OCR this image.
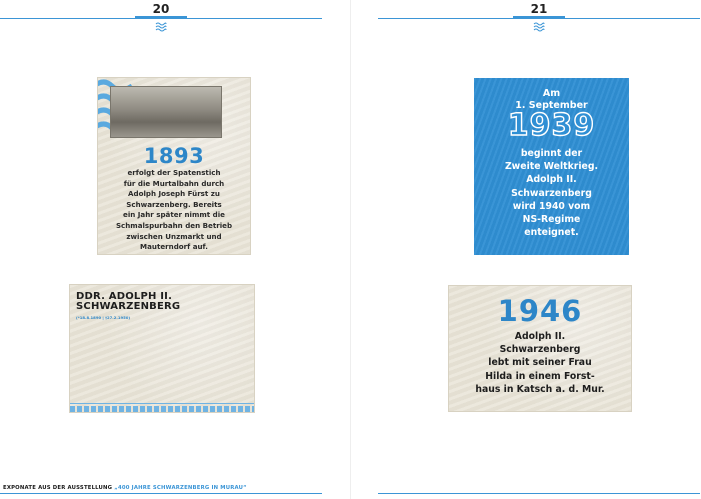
20
1893
erfolgt der Spatenstich
für die Murtalbahn durch
Adolph Joseph Fürst zu
Schwarzenberg. Bereits
ein Jahr später nimmt die
Schmalspurbahn den Betrieb
zwischen Unzmarkt und
Mauterndorf auf.
DDR. ADOLPH II.
SCHWARZENBERG
(*18.8.1890 | †27.2.1950)
EXPONATE AUS DER AUSSTELLUNG „400 JAHRE SCHWARZENBERG IN MURAU“
21
Am
1. September
1939
beginnt der
Zweite Weltkrieg.
Adolph II.
Schwarzenberg
wird 1940 vom
NS-Regime
enteignet.
1946
Adolph II.
Schwarzenberg
lebt mit seiner Frau
Hilda in einem Forst-
haus in Katsch a. d. Mur.
